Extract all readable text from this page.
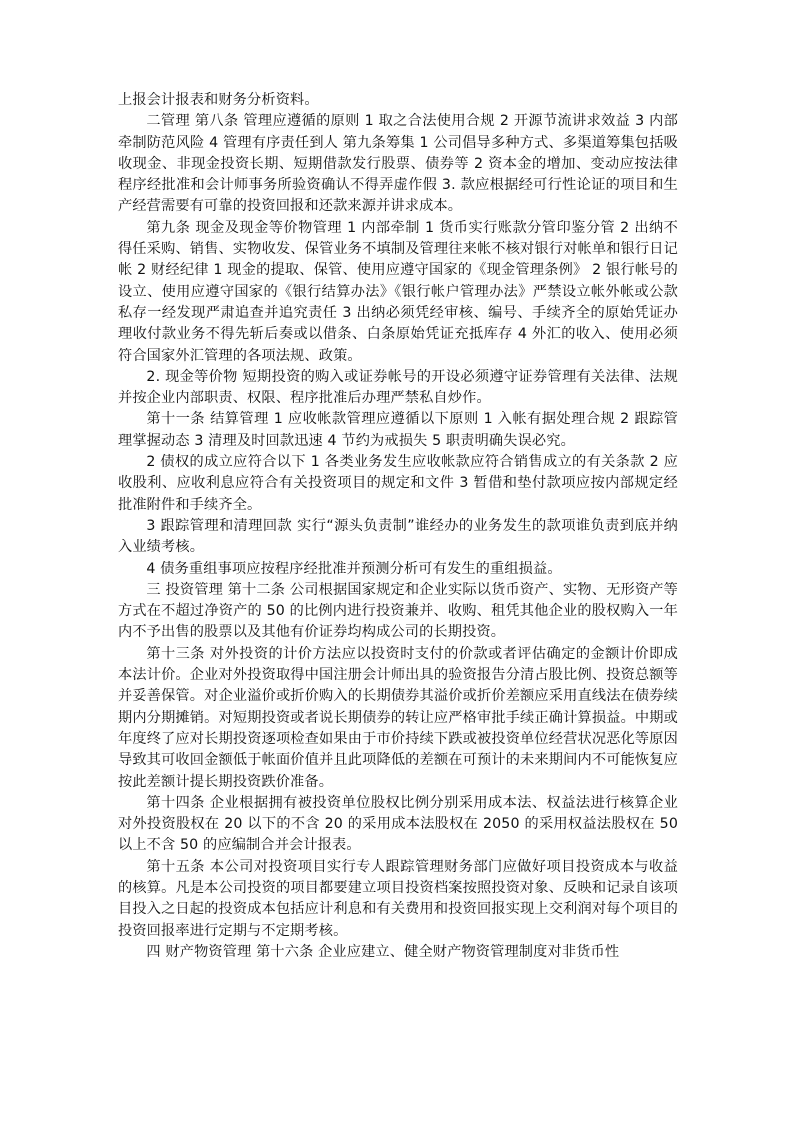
上报会计报表和财务分析资料。

二管理 第八条 管理应遵循的原则 1 取之合法使用合规 2 开源节流讲求效益 3 内部牵制防范风险 4 管理有序责任到人 第九条筹集 1 公司倡导多种方式、多渠道筹集包括吸收现金、非现金投资长期、短期借款发行股票、债券等 2 资本金的增加、变动应按法律程序经批准和会计师事务所验资确认不得弄虚作假 3. 款应根据经可行性论证的项目和生产经营需要有可靠的投资回报和还款来源并讲求成本。

第九条 现金及现金等价物管理 1 内部牵制 1 货币实行账款分管印鉴分管 2 出纳不得任采购、销售、实物收发、保管业务不填制及管理往来帐不核对银行对帐单和银行日记帐 2 财经纪律 1 现金的提取、保管、使用应遵守国家的《现金管理条例》 2 银行帐号的设立、使用应遵守国家的《银行结算办法》《银行帐户管理办法》严禁设立帐外帐或公款私存一经发现严肃追查并追究责任 3 出纳必须凭经审核、编号、手续齐全的原始凭证办理收付款业务不得先斩后奏或以借条、白条原始凭证充抵库存 4 外汇的收入、使用必须符合国家外汇管理的各项法规、政策。

2. 现金等价物 短期投资的购入或证券帐号的开设必须遵守证券管理有关法律、法规并按企业内部职责、权限、程序批准后办理严禁私自炒作。

第十一条 结算管理 1 应收帐款管理应遵循以下原则 1 入帐有据处理合规 2 跟踪管理掌握动态 3 清理及时回款迅速 4 节约为戒损失 5 职责明确失误必究。

2 债权的成立应符合以下 1 各类业务发生应收帐款应符合销售成立的有关条款 2 应收股利、应收利息应符合有关投资项目的规定和文件 3 暂借和垫付款项应按内部规定经批准附件和手续齐全。

3 跟踪管理和清理回款 实行“源头负责制”谁经办的业务发生的款项谁负责到底并纳入业绩考核。

4 债务重组事项应按程序经批准并预测分析可有发生的重组损益。

三 投资管理 第十二条 公司根据国家规定和企业实际以货币资产、实物、无形资产等方式在不超过净资产的 50 的比例内进行投资兼并、收购、租凭其他企业的股权购入一年内不予出售的股票以及其他有价证券均构成公司的长期投资。

第十三条 对外投资的计价方法应以投资时支付的价款或者评估确定的金额计价即成本法计价。企业对外投资取得中国注册会计师出具的验资报告分清占股比例、投资总额等并妥善保管。对企业溢价或折价购入的长期债券其溢价或折价差额应采用直线法在债券续期内分期摊销。对短期投资或者说长期债券的转让应严格审批手续正确计算损益。中期或年度终了应对长期投资逐项检查如果由于市价持续下跌或被投资单位经营状况恶化等原因导致其可收回金额低于帐面价值并且此项降低的差额在可预计的未来期间内不可能恢复应按此差额计提长期投资跌价准备。

第十四条 企业根据拥有被投资单位股权比例分别采用成本法、权益法进行核算企业对外投资股权在 20 以下的不含 20 的采用成本法股权在 2050 的采用权益法股权在 50 以上不含 50 的应编制合并会计报表。

第十五条 本公司对投资项目实行专人跟踪管理财务部门应做好项目投资成本与收益的核算。凡是本公司投资的项目都要建立项目投资档案按照投资对象、反映和记录自该项目投入之日起的投资成本包括应计利息和有关费用和投资回报实现上交利润对每个项目的投资回报率进行定期与不定期考核。

四 财产物资管理 第十六条 企业应建立、健全财产物资管理制度对非货币性
